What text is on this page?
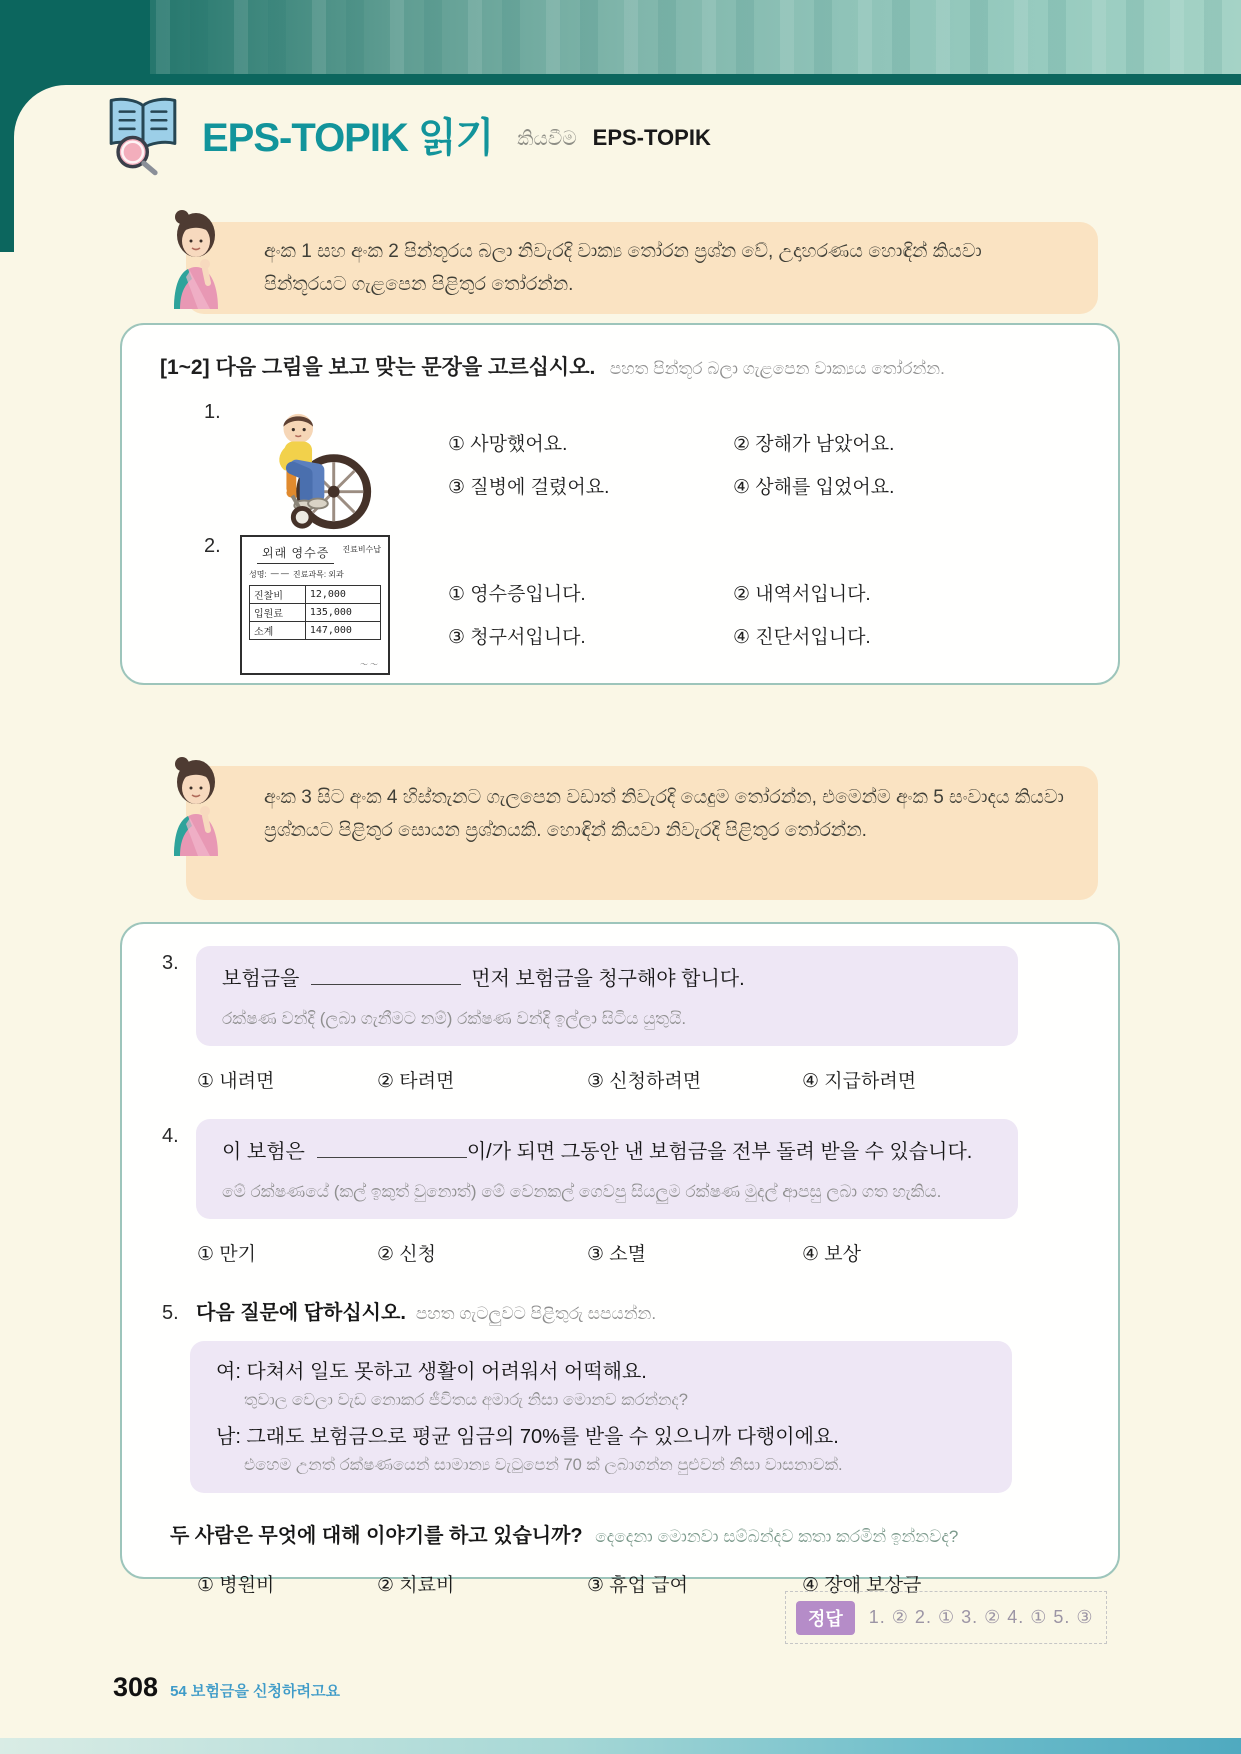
EPS-TOPIK 읽기 කියවීම EPS-TOPIK

අංක 1 සහ අංක 2 පින්තූරය බලා නිවැරදි වාක්‍ය තෝරන ප්‍රශ්න වේ, උදාහරණය හොඳින් කියවා පින්තූරයට ගැළපෙන පිළිතුර තෝරන්න.

[1~2] 다음 그림을 보고 맞는 문장을 고르십시오. පහත පින්තූර බලා ගැළපෙන වාක්‍යය තෝරන්න.
1.
① 사망했어요.	② 장해가 남았어요.
③ 질병에 걸렸어요.	④ 상해를 입었어요.
2.	외래 영수증	진료비수납
성명: — — 진료과목: 외과
진찰비	12,000
입원료	135,000
소계	147,000
〜〜
① 영수증입니다.	② 내역서입니다.
③ 청구서입니다.	④ 진단서입니다.

අංක 3 සිට අංක 4 හිස්තැනට ගැලපෙන වඩාත් නිවැරදි යෙදුම තෝරන්න, එමෙන්ම අංක 5 සංවාදය කියවා ප්‍රශ්නයට පිළිතුර සොයන ප්‍රශ්නයකි. හොඳින් කියවා නිවැරදි පිළිතුර තෝරන්න.

3.

보험금을	먼저 보험금을 청구해야 합니다.

රක්ෂණ වන්දි (ලබා ගැනීමට නම්) රක්ෂණ වන්දි ඉල්ලා සිටිය යුතුයි.

① 내려면	② 타려면	③ 신청하려면	④ 지급하려면
4.

이 보험은	이/가 되면 그동안 낸 보험금을 전부 돌려 받을 수 있습니다.

මේ රක්ෂණයේ (කල් ඉකුත් වුනොත්) මේ වෙනකල් ගෙවපු සියලුම රක්ෂණ මුදල් ආපසු ලබා ගත හැකිය.

① 만기	② 신청	③ 소멸	④ 보상
5. 다음 질문에 답하십시오. පහත ගැටලුවට පිළිතුරු සපයන්න.

여: 다쳐서 일도 못하고 생활이 어려워서 어떡해요.

තුවාල වෙලා වැඩ නොකර ජීවිතය අමාරු නිසා මොනව කරන්නද?

남: 그래도 보험금으로 평균 임금의 70%를 받을 수 있으니까 다행이에요.

එහෙම උනත් රක්ෂණයෙන් සාමාන්‍ය වැටුපෙන් 70 ක් ලබාගන්න පුළුවන් නිසා වාසනාවක්.

두 사람은 무엇에 대해 이야기를 하고 있습니까? දෙදෙනා මොනවා සම්බන්දව කතා කරමින් ඉන්නවද?
① 병원비	② 치료비	③ 휴업 급여	④ 장애 보상금
정답	1. ② 2. ① 3. ② 4. ① 5. ③
308 54 보험금을 신청하려고요
